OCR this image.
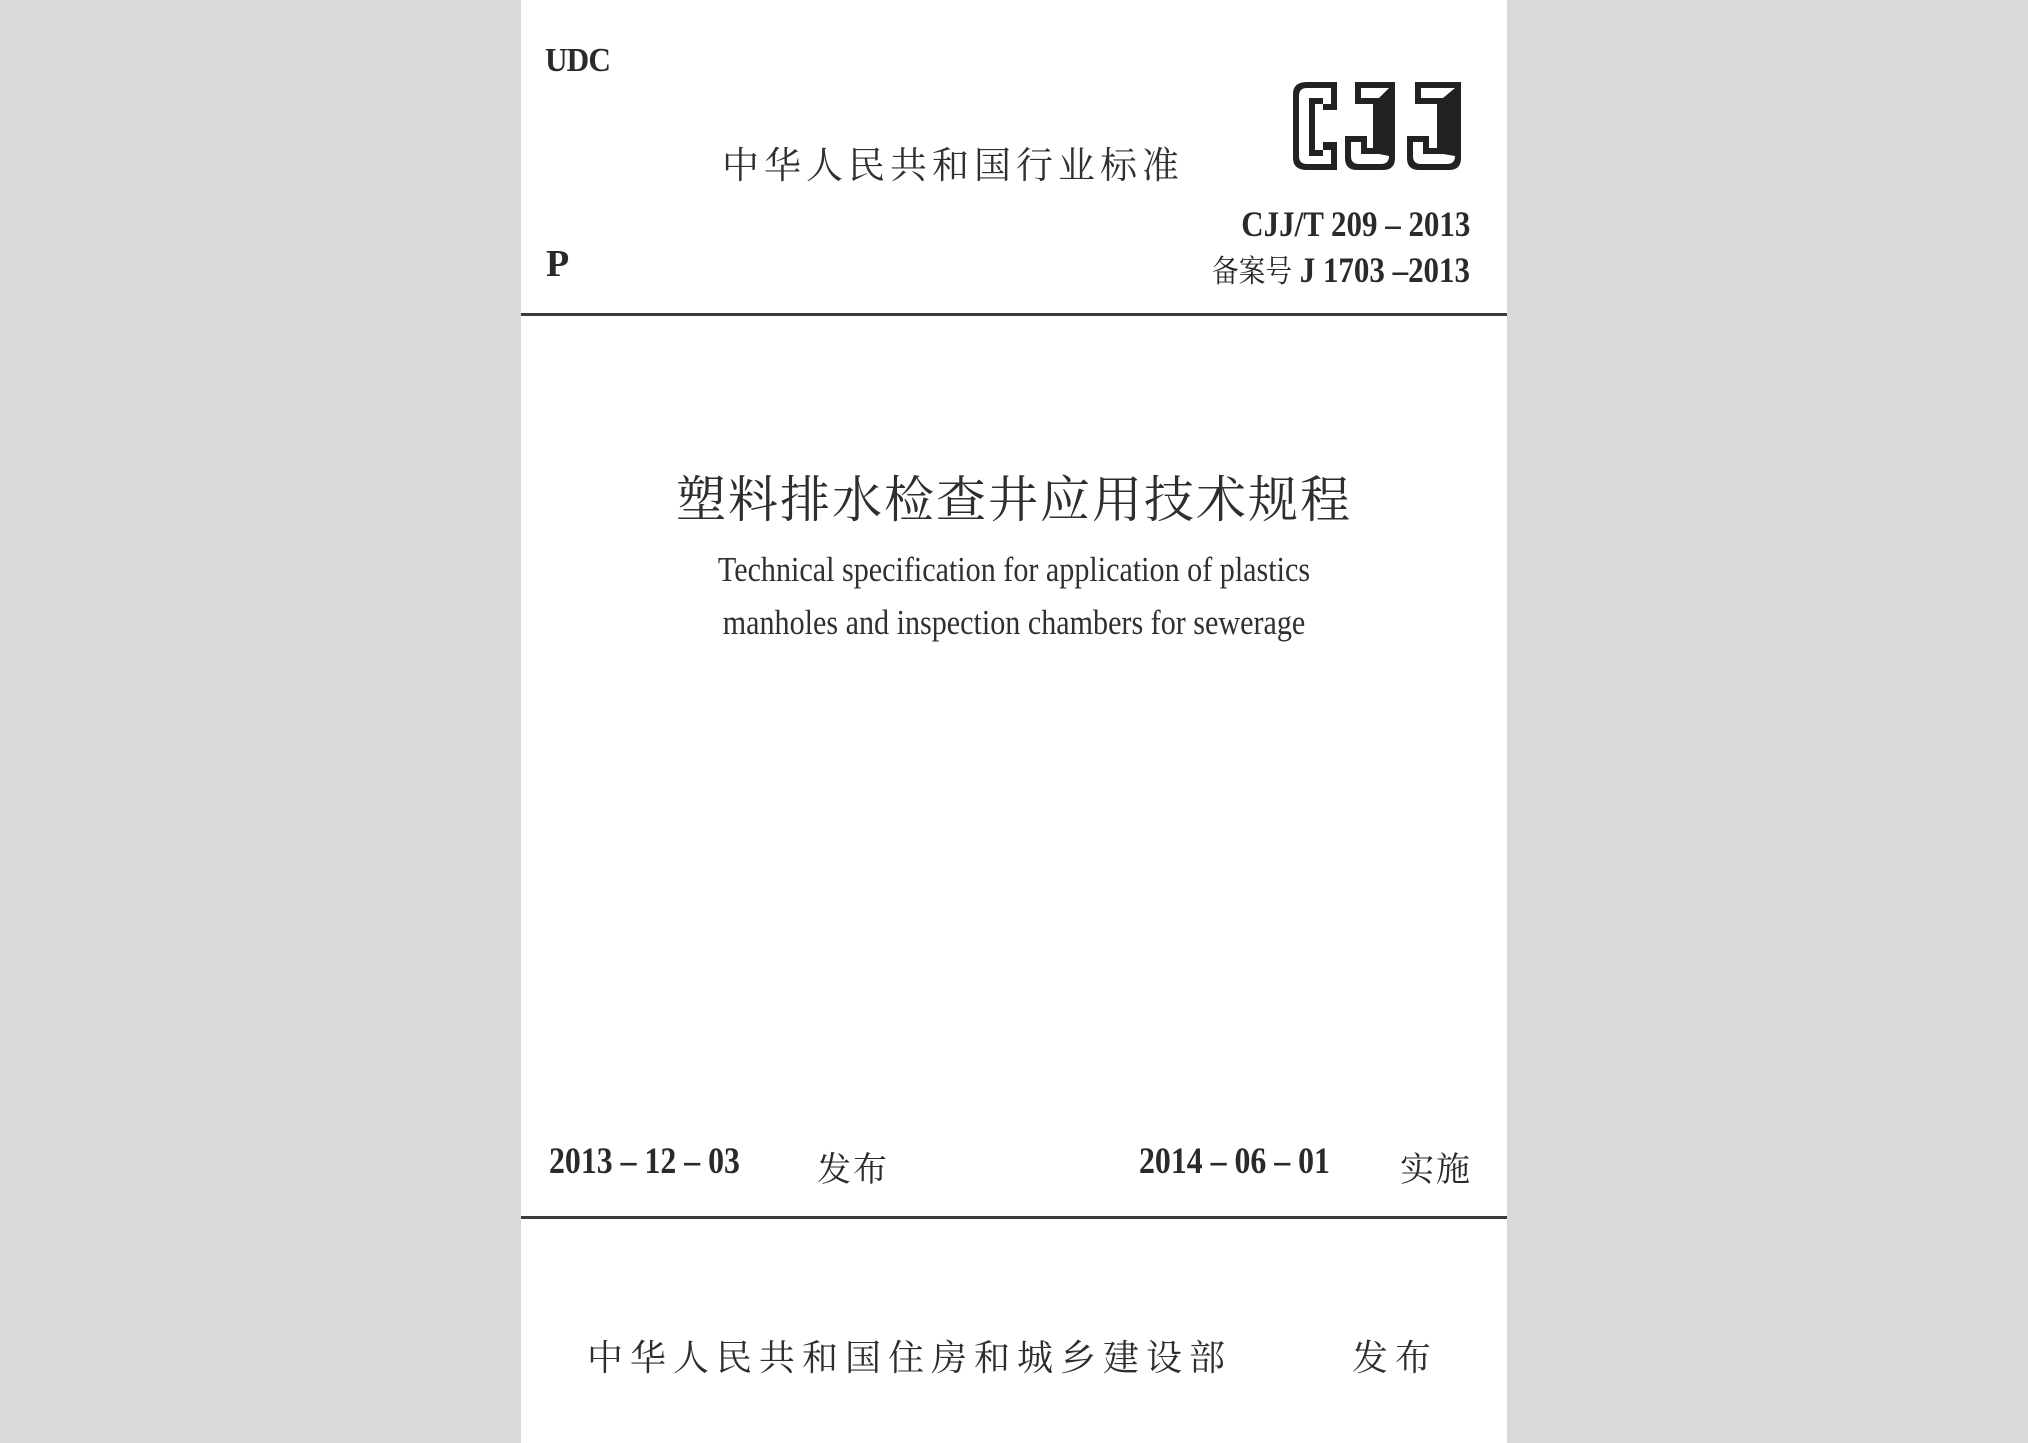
UDC
中华人民共和国行业标准
CJJ/T 209 – 2013
备案号 J 1703 –2013
P
塑料排水检查井应用技术规程
Technical specification for application of plastics
manholes and inspection chambers for sewerage
2013 – 12 – 03 发布	2014 – 06 – 01 实施
中华人民共和国住房和城乡建设部	发布
